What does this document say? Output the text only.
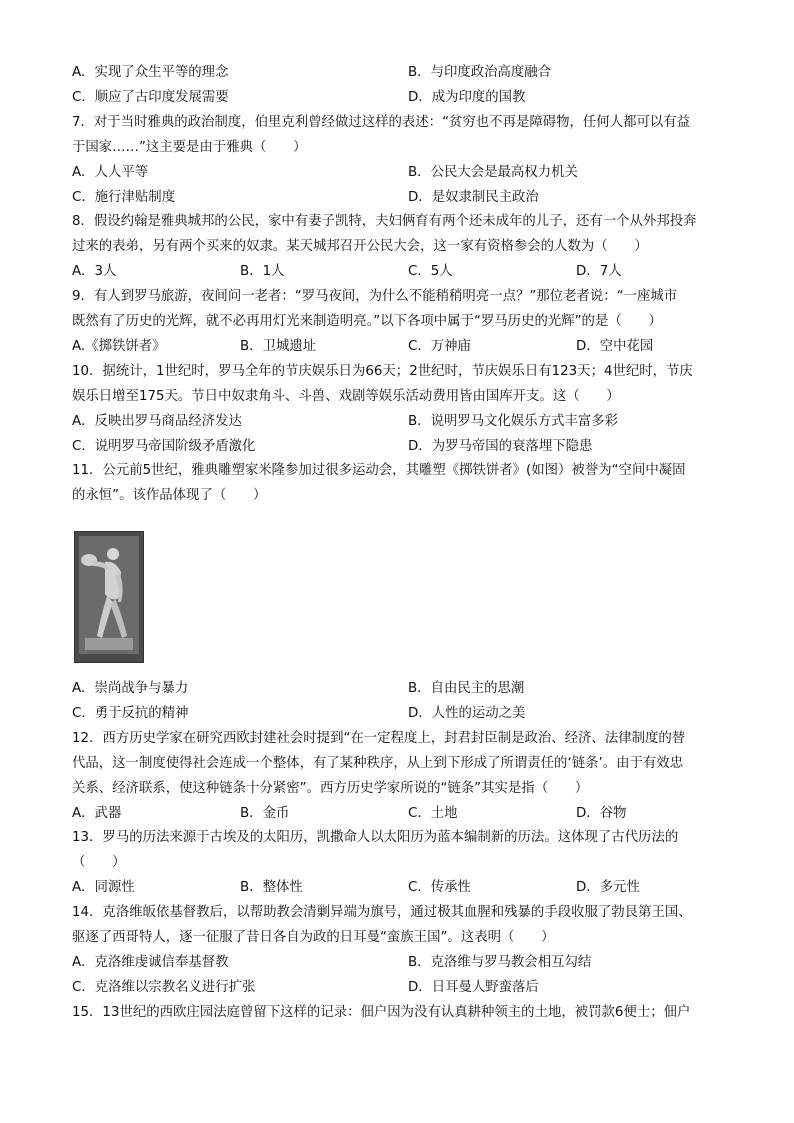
A．实现了众生平等的理念	B．与印度政治高度融合
C．顺应了古印度发展需要	D．成为印度的国教
7．对于当时雅典的政治制度，伯里克利曾经做过这样的表述：“贫穷也不再是障碍物，任何人都可以有益
于国家……”这主要是由于雅典（　　）
A．人人平等	B．公民大会是最高权力机关
C．施行津贴制度	D．是奴隶制民主政治
8．假设约翰是雅典城邦的公民，家中有妻子凯特，夫妇俩育有两个还未成年的儿子，还有一个从外邦投奔
过来的表弟，另有两个买来的奴隶。某天城邦召开公民大会，这一家有资格参会的人数为（　　）
A．3人	B．1人	C．5人	D．7人
9．有人到罗马旅游，夜间问一老者：“罗马夜间，为什么不能稍稍明亮一点？”那位老者说：“一座城市
既然有了历史的光辉，就不必再用灯光来制造明亮。”以下各项中属于“罗马历史的光辉”的是（　　）
A.《掷铁饼者》	B．卫城遗址	C．万神庙	D．空中花园
10．据统计，1世纪时，罗马全年的节庆娱乐日为66天；2世纪时，节庆娱乐日有123天；4世纪时，节庆
娱乐日增至175天。节日中奴隶角斗、斗兽、戏剧等娱乐活动费用皆由国库开支。这（　　）
A．反映出罗马商品经济发达	B．说明罗马文化娱乐方式丰富多彩
C．说明罗马帝国阶级矛盾激化	D．为罗马帝国的衰落埋下隐患
11．公元前5世纪，雅典雕塑家米隆参加过很多运动会，其雕塑《掷铁饼者》(如图）被誉为“空间中凝固
的永恒”。该作品体现了（　　）
A．崇尚战争与暴力	B．自由民主的思潮
C．勇于反抗的精神	D．人性的运动之美
12．西方历史学家在研究西欧封建社会时提到“在一定程度上，封君封臣制是政治、经济、法律制度的替
代品，这一制度使得社会连成一个整体，有了某种秩序，从上到下形成了所谓责任的‘链条’。由于有效忠
关系、经济联系，使这种链条十分紧密”。西方历史学家所说的“链条”其实是指（　　）
A．武器	B．金币	C．土地	D．谷物
13．罗马的历法来源于古埃及的太阳历，凯撒命人以太阳历为蓝本编制新的历法。这体现了古代历法的
（　　）
A．同源性	B．整体性	C．传承性	D．多元性
14．克洛维皈依基督教后，以帮助教会清剿异端为旗号，通过极其血腥和残暴的手段收服了勃艮第王国、
驱逐了西哥特人，逐一征服了昔日各自为政的日耳曼“蛮族王国”。这表明（　　）
A．克洛维虔诚信奉基督教	B．克洛维与罗马教会相互勾结
C．克洛维以宗教名义进行扩张	D．日耳曼人野蛮落后
15．13世纪的西欧庄园法庭曾留下这样的记录：佃户因为没有认真耕种领主的土地，被罚款6便士；佃户
